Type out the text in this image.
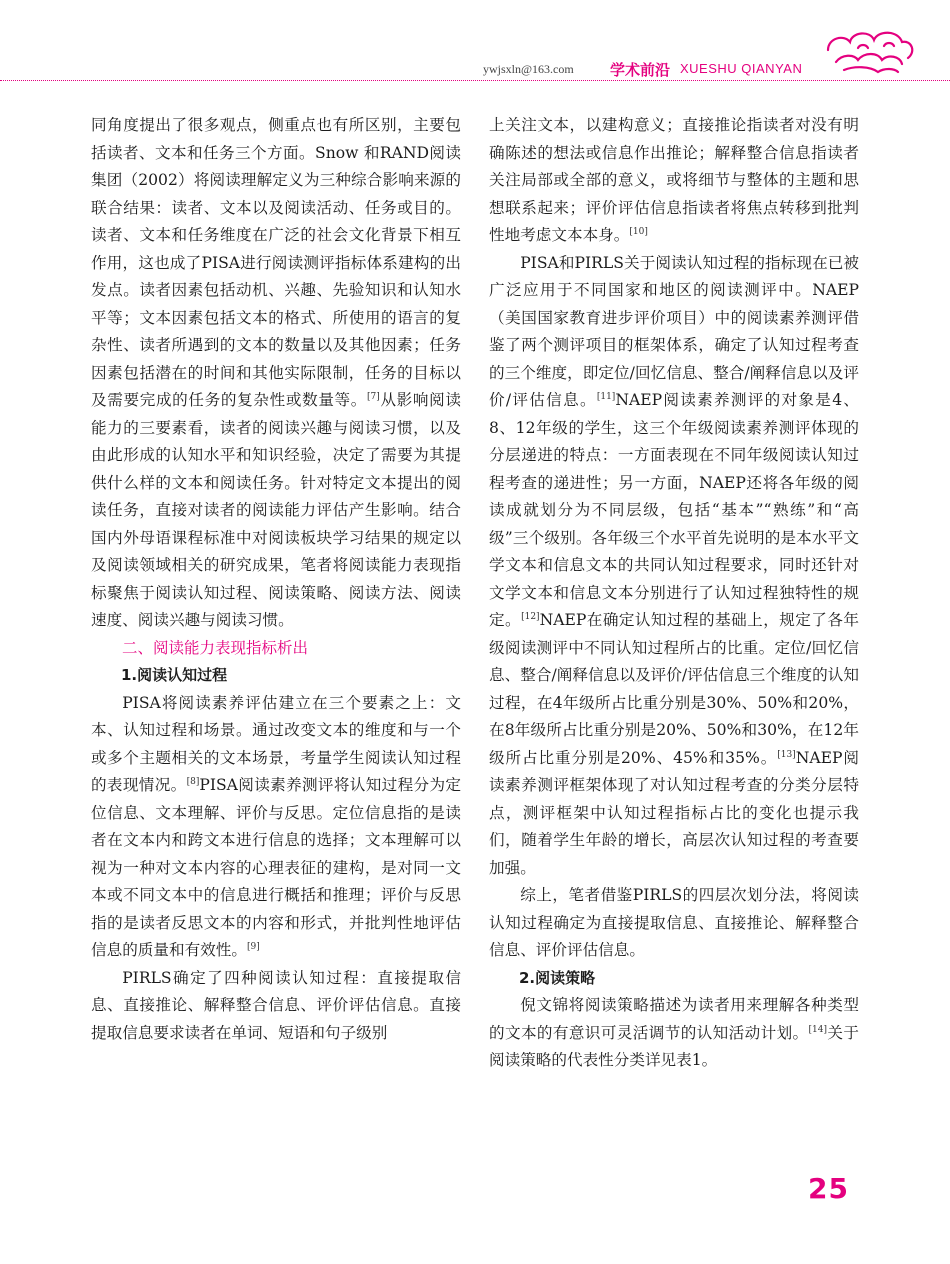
ywjsxln@163.com 学术前沿 XUESHU QIANYAN

同角度提出了很多观点，侧重点也有所区别，主要包括读者、文本和任务三个方面。Snow 和RAND阅读集团（2002）将阅读理解定义为三种综合影响来源的联合结果：读者、文本以及阅读活动、任务或目的。读者、文本和任务维度在广泛的社会文化背景下相互作用，这也成了PISA进行阅读测评指标体系建构的出发点。读者因素包括动机、兴趣、先验知识和认知水平等；文本因素包括文本的格式、所使用的语言的复杂性、读者所遇到的文本的数量以及其他因素；任务因素包括潜在的时间和其他实际限制，任务的目标以及需要完成的任务的复杂性或数量等。[7]从影响阅读能力的三要素看，读者的阅读兴趣与阅读习惯，以及由此形成的认知水平和知识经验，决定了需要为其提供什么样的文本和阅读任务。针对特定文本提出的阅读任务，直接对读者的阅读能力评估产生影响。结合国内外母语课程标准中对阅读板块学习结果的规定以及阅读领域相关的研究成果，笔者将阅读能力表现指标聚焦于阅读认知过程、阅读策略、阅读方法、阅读速度、阅读兴趣与阅读习惯。

二、阅读能力表现指标析出

1.阅读认知过程

PISA将阅读素养评估建立在三个要素之上：文本、认知过程和场景。通过改变文本的维度和与一个或多个主题相关的文本场景，考量学生阅读认知过程的表现情况。[8]PISA阅读素养测评将认知过程分为定位信息、文本理解、评价与反思。定位信息指的是读者在文本内和跨文本进行信息的选择；文本理解可以视为一种对文本内容的心理表征的建构，是对同一文本或不同文本中的信息进行概括和推理；评价与反思指的是读者反思文本的内容和形式，并批判性地评估信息的质量和有效性。[9]

PIRLS确定了四种阅读认知过程：直接提取信息、直接推论、解释整合信息、评价评估信息。直接提取信息要求读者在单词、短语和句子级别

上关注文本，以建构意义；直接推论指读者对没有明确陈述的想法或信息作出推论；解释整合信息指读者关注局部或全部的意义，或将细节与整体的主题和思想联系起来；评价评估信息指读者将焦点转移到批判性地考虑文本本身。[10]

PISA和PIRLS关于阅读认知过程的指标现在已被广泛应用于不同国家和地区的阅读测评中。NAEP（美国国家教育进步评价项目）中的阅读素养测评借鉴了两个测评项目的框架体系，确定了认知过程考查的三个维度，即定位/回忆信息、整合/阐释信息以及评价/评估信息。[11]NAEP阅读素养测评的对象是4、8、12年级的学生，这三个年级阅读素养测评体现的分层递进的特点：一方面表现在不同年级阅读认知过程考查的递进性；另一方面，NAEP还将各年级的阅读成就划分为不同层级，包括“基本”“熟练”和“高级”三个级别。各年级三个水平首先说明的是本水平文学文本和信息文本的共同认知过程要求，同时还针对文学文本和信息文本分别进行了认知过程独特性的规定。[12]NAEP在确定认知过程的基础上，规定了各年级阅读测评中不同认知过程所占的比重。定位/回忆信息、整合/阐释信息以及评价/评估信息三个维度的认知过程，在4年级所占比重分别是30%、50%和20%，在8年级所占比重分别是20%、50%和30%，在12年级所占比重分别是20%、45%和35%。[13]NAEP阅读素养测评框架体现了对认知过程考查的分类分层特点，测评框架中认知过程指标占比的变化也提示我们，随着学生年龄的增长，高层次认知过程的考查要加强。

综上，笔者借鉴PIRLS的四层次划分法，将阅读认知过程确定为直接提取信息、直接推论、解释整合信息、评价评估信息。

2.阅读策略

倪文锦将阅读策略描述为读者用来理解各种类型的文本的有意识可灵活调节的认知活动计划。[14]关于阅读策略的代表性分类详见表1。

25
